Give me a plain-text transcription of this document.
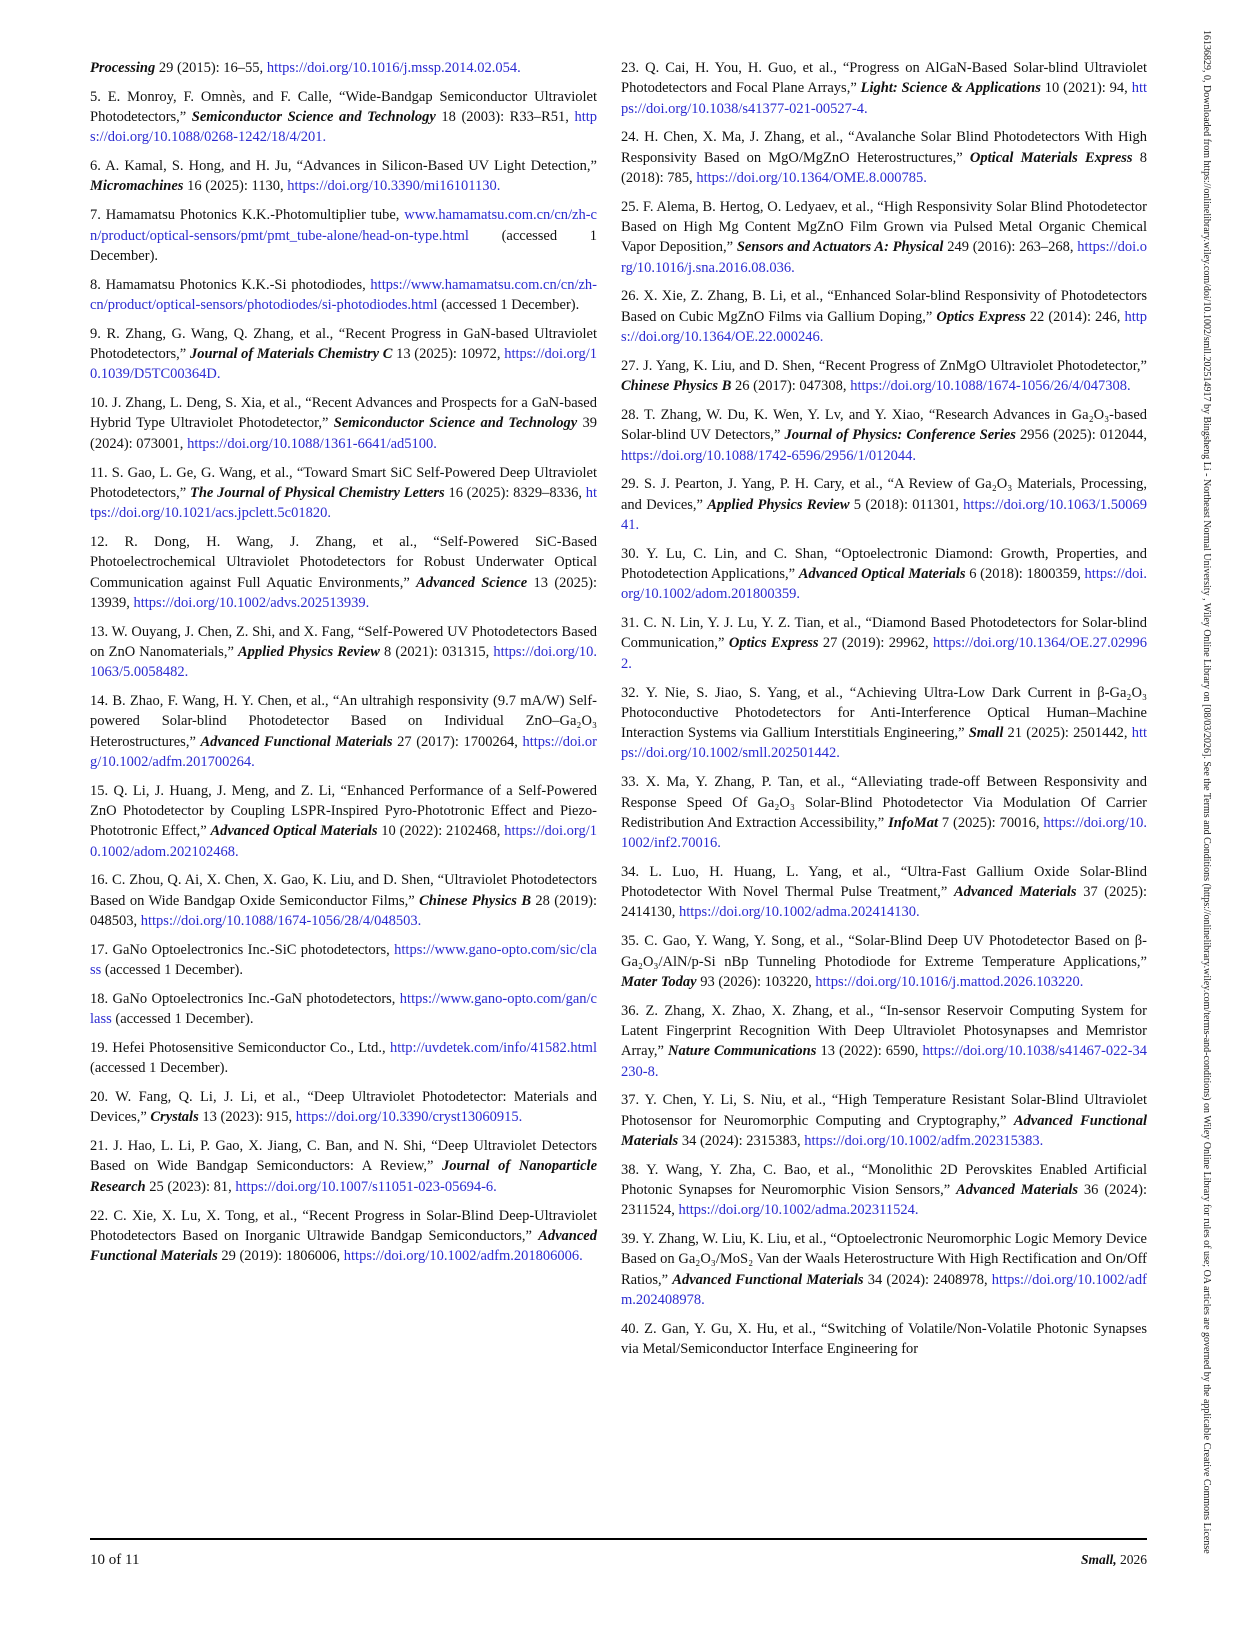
Processing 29 (2015): 16–55, https://doi.org/10.1016/j.mssp.2014.02.054.

5. E. Monroy, F. Omnès, and F. Calle, “Wide-Bandgap Semiconductor Ultraviolet Photodetectors,” Semiconductor Science and Technology 18 (2003): R33–R51, https://doi.org/10.1088/0268-1242/18/4/201.

6. A. Kamal, S. Hong, and H. Ju, “Advances in Silicon-Based UV Light Detection,” Micromachines 16 (2025): 1130, https://doi.org/10.3390/mi16101130.

7. Hamamatsu Photonics K.K.-Photomultiplier tube, www.hamamatsu.com.cn/cn/zh-cn/product/optical-sensors/pmt/pmt_tube-alone/head-on-type.html (accessed 1 December).

8. Hamamatsu Photonics K.K.-Si photodiodes, https://www.hamamatsu.com.cn/cn/zh-cn/product/optical-sensors/photodiodes/si-photodiodes.html (accessed 1 December).

9. R. Zhang, G. Wang, Q. Zhang, et al., “Recent Progress in GaN-based Ultraviolet Photodetectors,” Journal of Materials Chemistry C 13 (2025): 10972, https://doi.org/10.1039/D5TC00364D.

10. J. Zhang, L. Deng, S. Xia, et al., “Recent Advances and Prospects for a GaN-based Hybrid Type Ultraviolet Photodetector,” Semiconductor Science and Technology 39 (2024): 073001, https://doi.org/10.1088/1361-6641/ad5100.

11. S. Gao, L. Ge, G. Wang, et al., “Toward Smart SiC Self-Powered Deep Ultraviolet Photodetectors,” The Journal of Physical Chemistry Letters 16 (2025): 8329–8336, https://doi.org/10.1021/acs.jpclett.5c01820.

12. R. Dong, H. Wang, J. Zhang, et al., “Self-Powered SiC-Based Photoelectrochemical Ultraviolet Photodetectors for Robust Underwater Optical Communication against Full Aquatic Environments,” Advanced Science 13 (2025): 13939, https://doi.org/10.1002/advs.202513939.

13. W. Ouyang, J. Chen, Z. Shi, and X. Fang, “Self-Powered UV Photodetectors Based on ZnO Nanomaterials,” Applied Physics Review 8 (2021): 031315, https://doi.org/10.1063/5.0058482.

14. B. Zhao, F. Wang, H. Y. Chen, et al., “An ultrahigh responsivity (9.7 mA/W) Self-powered Solar-blind Photodetector Based on Individual ZnO–Ga₂O₃ Heterostructures,” Advanced Functional Materials 27 (2017): 1700264, https://doi.org/10.1002/adfm.201700264.

15. Q. Li, J. Huang, J. Meng, and Z. Li, “Enhanced Performance of a Self-Powered ZnO Photodetector by Coupling LSPR-Inspired Pyro-Phototronic Effect and Piezo-Phototronic Effect,” Advanced Optical Materials 10 (2022): 2102468, https://doi.org/10.1002/adom.202102468.

16. C. Zhou, Q. Ai, X. Chen, X. Gao, K. Liu, and D. Shen, “Ultraviolet Photodetectors Based on Wide Bandgap Oxide Semiconductor Films,” Chinese Physics B 28 (2019): 048503, https://doi.org/10.1088/1674-1056/28/4/048503.

17. GaNo Optoelectronics Inc.-SiC photodetectors, https://www.gano-opto.com/sic/class (accessed 1 December).

18. GaNo Optoelectronics Inc.-GaN photodetectors, https://www.gano-opto.com/gan/class (accessed 1 December).

19. Hefei Photosensitive Semiconductor Co., Ltd., http://uvdetek.com/info/41582.html (accessed 1 December).

20. W. Fang, Q. Li, J. Li, et al., “Deep Ultraviolet Photodetector: Materials and Devices,” Crystals 13 (2023): 915, https://doi.org/10.3390/cryst13060915.

21. J. Hao, L. Li, P. Gao, X. Jiang, C. Ban, and N. Shi, “Deep Ultraviolet Detectors Based on Wide Bandgap Semiconductors: A Review,” Journal of Nanoparticle Research 25 (2023): 81, https://doi.org/10.1007/s11051-023-05694-6.

22. C. Xie, X. Lu, X. Tong, et al., “Recent Progress in Solar-Blind Deep-Ultraviolet Photodetectors Based on Inorganic Ultrawide Bandgap Semiconductors,” Advanced Functional Materials 29 (2019): 1806006, https://doi.org/10.1002/adfm.201806006.

23. Q. Cai, H. You, H. Guo, et al., “Progress on AlGaN-Based Solar-blind Ultraviolet Photodetectors and Focal Plane Arrays,” Light: Science & Applications 10 (2021): 94, https://doi.org/10.1038/s41377-021-00527-4.

24. H. Chen, X. Ma, J. Zhang, et al., “Avalanche Solar Blind Photodetectors With High Responsivity Based on MgO/MgZnO Heterostructures,” Optical Materials Express 8 (2018): 785, https://doi.org/10.1364/OME.8.000785.

25. F. Alema, B. Hertog, O. Ledyaev, et al., “High Responsivity Solar Blind Photodetector Based on High Mg Content MgZnO Film Grown via Pulsed Metal Organic Chemical Vapor Deposition,” Sensors and Actuators A: Physical 249 (2016): 263–268, https://doi.org/10.1016/j.sna.2016.08.036.

26. X. Xie, Z. Zhang, B. Li, et al., “Enhanced Solar-blind Responsivity of Photodetectors Based on Cubic MgZnO Films via Gallium Doping,” Optics Express 22 (2014): 246, https://doi.org/10.1364/OE.22.000246.

27. J. Yang, K. Liu, and D. Shen, “Recent Progress of ZnMgO Ultraviolet Photodetector,” Chinese Physics B 26 (2017): 047308, https://doi.org/10.1088/1674-1056/26/4/047308.

28. T. Zhang, W. Du, K. Wen, Y. Lv, and Y. Xiao, “Research Advances in Ga₂O₃-based Solar-blind UV Detectors,” Journal of Physics: Conference Series 2956 (2025): 012044, https://doi.org/10.1088/1742-6596/2956/1/012044.

29. S. J. Pearton, J. Yang, P. H. Cary, et al., “A Review of Ga₂O₃ Materials, Processing, and Devices,” Applied Physics Review 5 (2018): 011301, https://doi.org/10.1063/1.5006941.

30. Y. Lu, C. Lin, and C. Shan, “Optoelectronic Diamond: Growth, Properties, and Photodetection Applications,” Advanced Optical Materials 6 (2018): 1800359, https://doi.org/10.1002/adom.201800359.

31. C. N. Lin, Y. J. Lu, Y. Z. Tian, et al., “Diamond Based Photodetectors for Solar-blind Communication,” Optics Express 27 (2019): 29962, https://doi.org/10.1364/OE.27.029962.

32. Y. Nie, S. Jiao, S. Yang, et al., “Achieving Ultra-Low Dark Current in β-Ga₂O₃ Photoconductive Photodetectors for Anti-Interference Optical Human–Machine Interaction Systems via Gallium Interstitials Engineering,” Small 21 (2025): 2501442, https://doi.org/10.1002/smll.202501442.

33. X. Ma, Y. Zhang, P. Tan, et al., “Alleviating trade-off Between Responsivity and Response Speed Of Ga₂O₃ Solar-Blind Photodetector Via Modulation Of Carrier Redistribution And Extraction Accessibility,” InfoMat 7 (2025): 70016, https://doi.org/10.1002/inf2.70016.

34. L. Luo, H. Huang, L. Yang, et al., “Ultra-Fast Gallium Oxide Solar-Blind Photodetector With Novel Thermal Pulse Treatment,” Advanced Materials 37 (2025): 2414130, https://doi.org/10.1002/adma.202414130.

35. C. Gao, Y. Wang, Y. Song, et al., “Solar-Blind Deep UV Photodetector Based on β-Ga₂O₃/AlN/p-Si nBp Tunneling Photodiode for Extreme Temperature Applications,” Mater Today 93 (2026): 103220, https://doi.org/10.1016/j.mattod.2026.103220.

36. Z. Zhang, X. Zhao, X. Zhang, et al., “In-sensor Reservoir Computing System for Latent Fingerprint Recognition With Deep Ultraviolet Photosynapses and Memristor Array,” Nature Communications 13 (2022): 6590, https://doi.org/10.1038/s41467-022-34230-8.

37. Y. Chen, Y. Li, S. Niu, et al., “High Temperature Resistant Solar-Blind Ultraviolet Photosensor for Neuromorphic Computing and Cryptography,” Advanced Functional Materials 34 (2024): 2315383, https://doi.org/10.1002/adfm.202315383.

38. Y. Wang, Y. Zha, C. Bao, et al., “Monolithic 2D Perovskites Enabled Artificial Photonic Synapses for Neuromorphic Vision Sensors,” Advanced Materials 36 (2024): 2311524, https://doi.org/10.1002/adma.202311524.

39. Y. Zhang, W. Liu, K. Liu, et al., “Optoelectronic Neuromorphic Logic Memory Device Based on Ga₂O₃/MoS₂ Van der Waals Heterostructure With High Rectification and On/Off Ratios,” Advanced Functional Materials 34 (2024): 2408978, https://doi.org/10.1002/adfm.202408978.

40. Z. Gan, Y. Gu, X. Hu, et al., “Switching of Volatile/Non-Volatile Photonic Synapses via Metal/Semiconductor Interface Engineering for

10 of 11	Small, 2026
16136829, 0, Downloaded from https://onlinelibrary.wiley.com/doi/10.1002/smll.202514917 by Bingsheng Li - Northeast Normal University , Wiley Online Library on [08/03/2026]. See the Terms and Conditions (https://onlinelibrary.wiley.com/terms-and-conditions) on Wiley Online Library for rules of use; OA articles are governed by the applicable Creative Commons License
